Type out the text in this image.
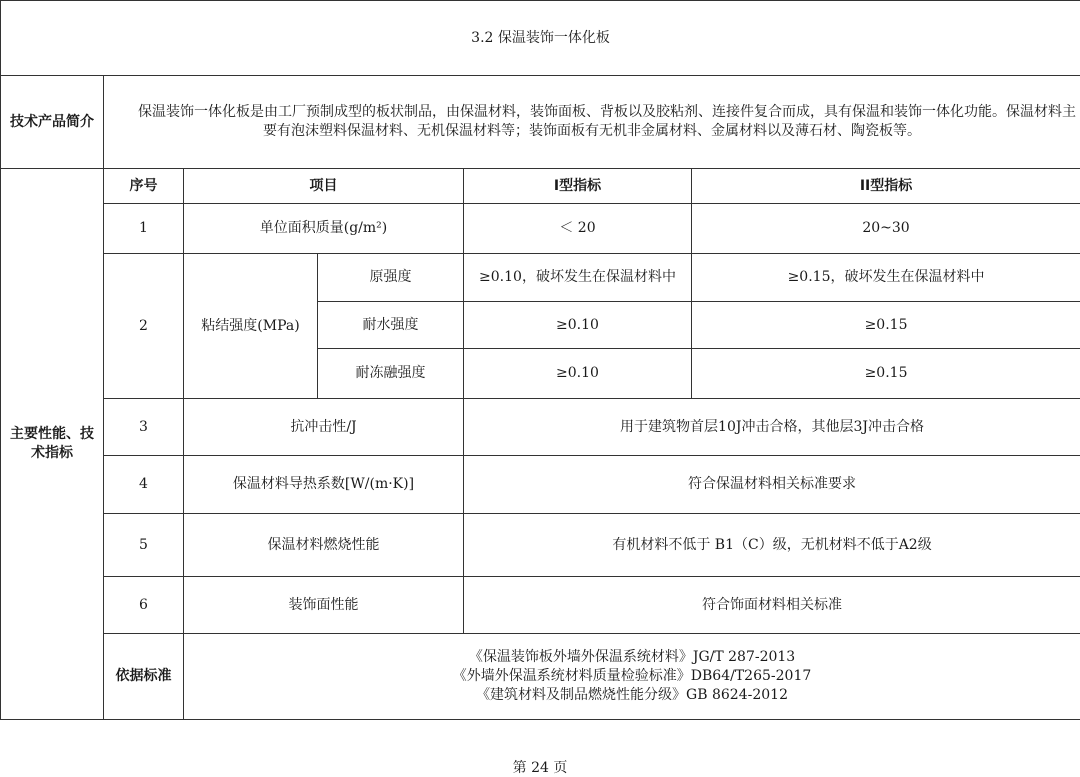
3.2 保温装饰一体化板					
技术产品简介	保温装饰一体化板是由工厂预制成型的板状制品，由保温材料，装饰面板、背板以及胶粘剂、连接件复合而成，具有保温和装饰一体化功能。保温材料主要有泡沫塑料保温材料、无机保温材料等；装饰面板有无机非金属材料、金属材料以及薄石材、陶瓷板等。				
主要性能、技术指标	序号	项目		I型指标	II型指标
	1	单位面积质量(g/m²)		＜ 20	20~30
	2	粘结强度(MPa)	原强度	≥0.10，破坏发生在保温材料中	≥0.15，破坏发生在保温材料中
			耐水强度	≥0.10	≥0.15
			耐冻融强度	≥0.10	≥0.15
	3	抗冲击性/J		用于建筑物首层10J冲击合格，其他层3J冲击合格	
	4	保温材料导热系数[W/(m·K)]		符合保温材料相关标准要求	
	5	保温材料燃烧性能		有机材料不低于 B1（C）级，无机材料不低于A2级	
	6	装饰面性能		符合饰面材料相关标准	
	依据标准	《保温装饰板外墙外保温系统材料》JG/T 287-2013
《外墙外保温系统材料质量检验标准》DB64/T265-2017
《建筑材料及制品燃烧性能分级》GB 8624-2012			
第 24 页
